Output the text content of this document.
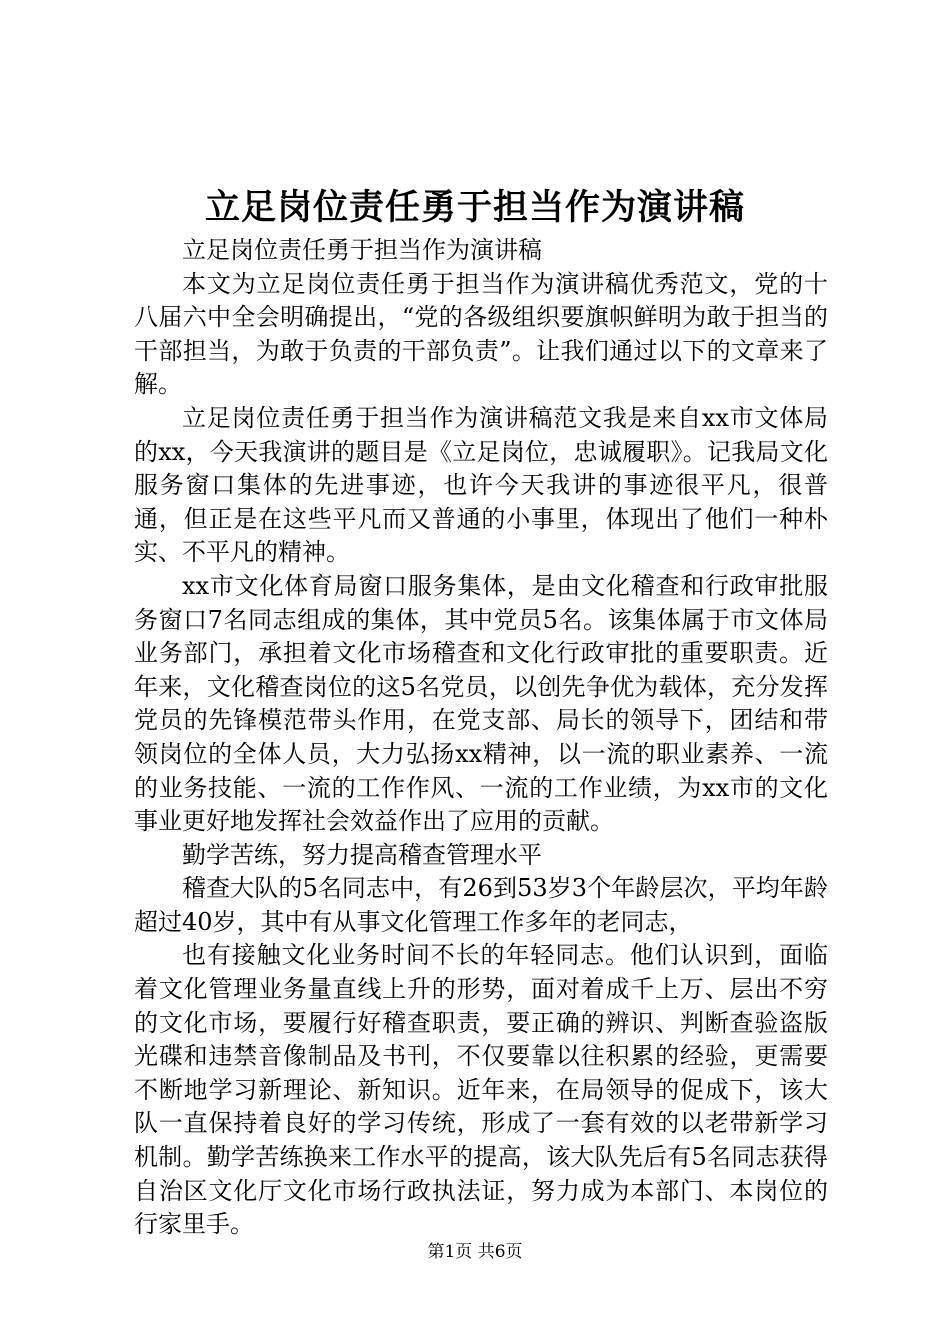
立足岗位责任勇于担当作为演讲稿

立足岗位责任勇于担当作为演讲稿

本文为立足岗位责任勇于担当作为演讲稿优秀范文，党的十八届六中全会明确提出，“党的各级组织要旗帜鲜明为敢于担当的干部担当，为敢于负责的干部负责”。让我们通过以下的文章来了解。

立足岗位责任勇于担当作为演讲稿范文我是来自xx市文体局的xx，今天我演讲的题目是《立足岗位，忠诚履职》。记我局文化服务窗口集体的先进事迹，也许今天我讲的事迹很平凡，很普通，但正是在这些平凡而又普通的小事里，体现出了他们一种朴实、不平凡的精神。

xx市文化体育局窗口服务集体，是由文化稽查和行政审批服务窗口7名同志组成的集体，其中党员5名。该集体属于市文体局业务部门，承担着文化市场稽查和文化行政审批的重要职责。近年来，文化稽查岗位的这5名党员，以创先争优为载体，充分发挥党员的先锋模范带头作用，在党支部、局长的领导下，团结和带领岗位的全体人员，大力弘扬xx精神，以一流的职业素养、一流的业务技能、一流的工作作风、一流的工作业绩，为xx市的文化事业更好地发挥社会效益作出了应用的贡献。

勤学苦练，努力提高稽查管理水平

稽查大队的5名同志中，有26到53岁3个年龄层次，平均年龄超过40岁，其中有从事文化管理工作多年的老同志，

也有接触文化业务时间不长的年轻同志。他们认识到，面临着文化管理业务量直线上升的形势，面对着成千上万、层出不穷的文化市场，要履行好稽查职责，要正确的辨识、判断查验盗版光碟和违禁音像制品及书刊，不仅要靠以往积累的经验，更需要不断地学习新理论、新知识。近年来，在局领导的促成下，该大队一直保持着良好的学习传统，形成了一套有效的以老带新学习机制。勤学苦练换来工作水平的提高，该大队先后有5名同志获得自治区文化厅文化市场行政执法证，努力成为本部门、本岗位的行家里手。

第1页 共6页
